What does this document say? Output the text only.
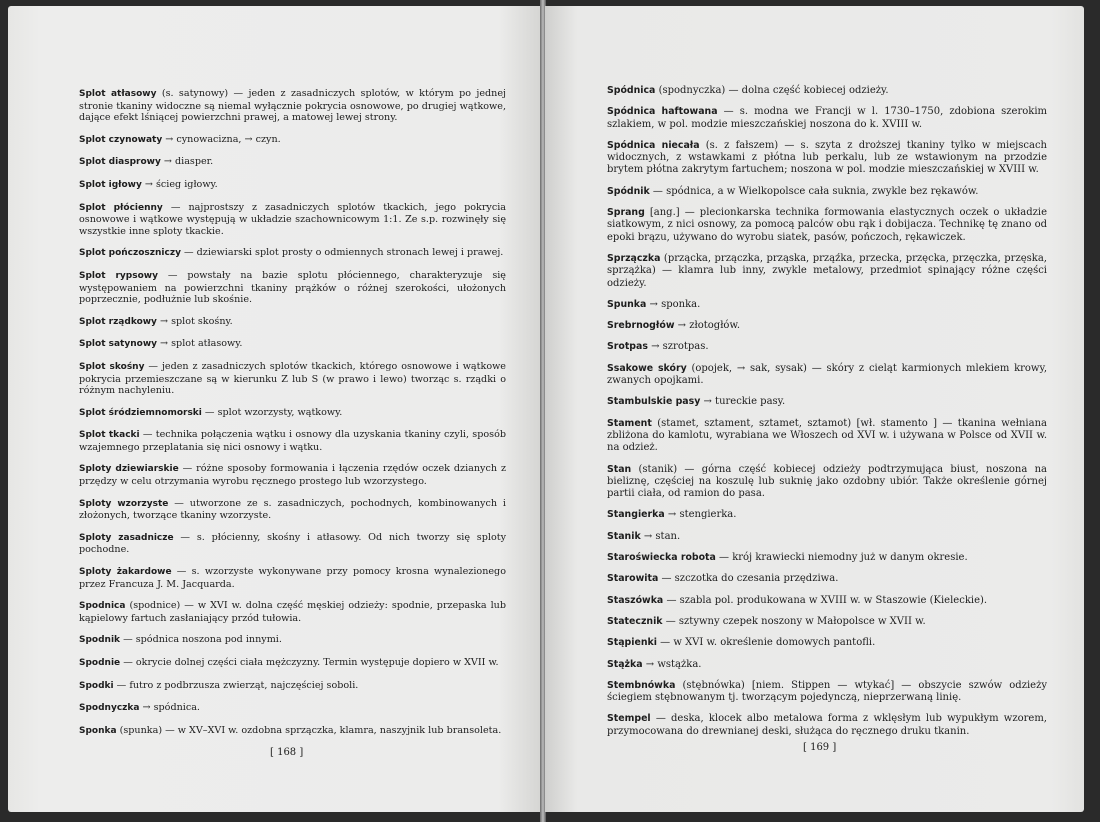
Splot atłasowy (s. satynowy) — jeden z zasadniczych splotów, w którym po jednej stronie tkaniny widoczne są niemal wyłącznie pokrycia osnowowe, po drugiej wątkowe, dające efekt lśniącej powierzchni prawej, a matowej lewej strony.

Splot czynowaty → cynowacizna, → czyn.

Splot diasprowy → diasper.

Splot igłowy → ścieg igłowy.

Splot płócienny — najprostszy z zasadniczych splotów tkackich, jego pokrycia osnowowe i wątkowe występują w układzie szachownicowym 1:1. Ze s.p. rozwinęły się wszystkie inne sploty tkackie.

Splot pończoszniczy — dziewiarski splot prosty o odmiennych stronach lewej i prawej.

Splot rypsowy — powstały na bazie splotu płóciennego, charakteryzuje się występowaniem na powierzchni tkaniny prążków o różnej szerokości, ułożonych poprzecznie, podłużnie lub skośnie.

Splot rządkowy → splot skośny.

Splot satynowy → splot atłasowy.

Splot skośny — jeden z zasadniczych splotów tkackich, którego osnowowe i wątkowe pokrycia przemieszczane są w kierunku Z lub S (w prawo i lewo) tworząc s. rządki o różnym nachyleniu.

Splot śródziemnomorski — splot wzorzysty, wątkowy.

Splot tkacki — technika połączenia wątku i osnowy dla uzyskania tkaniny czyli, sposób wzajemnego przeplatania się nici osnowy i wątku.

Sploty dziewiarskie — różne sposoby formowania i łączenia rzędów oczek dzianych z przędzy w celu otrzymania wyrobu ręcznego prostego lub wzorzystego.

Sploty wzorzyste — utworzone ze s. zasadniczych, pochodnych, kombinowanych i złożonych, tworzące tkaniny wzorzyste.

Sploty zasadnicze — s. płócienny, skośny i atłasowy. Od nich tworzy się sploty pochodne.

Sploty żakardowe — s. wzorzyste wykonywane przy pomocy krosna wynalezionego przez Francuza J. M. Jacquarda.

Spodnica (spodnice) — w XVI w. dolna część męskiej odzieży: spodnie, przepaska lub kąpielowy fartuch zasłaniający przód tułowia.

Spodnik — spódnica noszona pod innymi.

Spodnie — okrycie dolnej części ciała mężczyzny. Termin występuje dopiero w XVII w.

Spodki — futro z podbrzusza zwierząt, najczęściej soboli.

Spodnyczka → spódnica.

Sponka (spunka) — w XV–XVI w. ozdobna sprzączka, klamra, naszyjnik lub bransoleta.

[ 168 ]

Spódnica (spodnyczka) — dolna część kobiecej odzieży.

Spódnica haftowana — s. modna we Francji w l. 1730–1750, zdobiona szerokim szlakiem, w pol. modzie mieszczańskiej noszona do k. XVIII w.

Spódnica niecała (s. z fałszem) — s. szyta z droższej tkaniny tylko w miejscach widocznych, z wstawkami z płótna lub perkalu, lub ze wstawionym na przodzie brytem płótna zakrytym fartuchem; noszona w pol. modzie mieszczańskiej w XVIII w.

Spódnik — spódnica, a w Wielkopolsce cała suknia, zwykle bez rękawów.

Sprang [ang.] — plecionkarska technika formowania elastycznych oczek o układzie siatkowym, z nici osnowy, za pomocą palców obu rąk i dobijacza. Technikę tę znano od epoki brązu, używano do wyrobu siatek, pasów, pończoch, rękawiczek.

Sprzączka (przącka, przączka, prząska, prząźka, przecka, przęcka, przęczka, przęska, sprzążka) — klamra lub inny, zwykle metalowy, przedmiot spinający różne części odzieży.

Spunka → sponka.

Srebrnogłów → złotogłów.

Srotpas → szrotpas.

Ssakowe skóry (opojek, → sak, sysak) — skóry z cieląt karmionych mlekiem krowy, zwanych opojkami.

Stambulskie pasy → tureckie pasy.

Stament (stamet, sztament, sztamet, sztamot) [wł. stamento ] — tkanina wełniana zbliżona do kamlotu, wyrabiana we Włoszech od XVI w. i używana w Polsce od XVII w. na odzież.

Stan (stanik) — górna część kobiecej odzieży podtrzymująca biust, noszona na bieliznę, częściej na koszulę lub suknię jako ozdobny ubiór. Także określenie górnej partii ciała, od ramion do pasa.

Stangierka → stengierka.

Stanik → stan.

Staroświecka robota — krój krawiecki niemodny już w danym okresie.

Starowita — szczotka do czesania przędziwa.

Staszówka — szabla pol. produkowana w XVIII w. w Staszowie (Kieleckie).

Statecznik — sztywny czepek noszony w Małopolsce w XVII w.

Stąpienki — w XVI w. określenie domowych pantofli.

Stążka → wstążka.

Stembnówka (stębnówka) [niem. Stippen — wtykać] — obszycie szwów odzieży ściegiem stębnowanym tj. tworzącym pojedynczą, nieprzerwaną linię.

Stempel — deska, klocek albo metalowa forma z wklęsłym lub wypukłym wzorem, przymocowana do drewnianej deski, służąca do ręcznego druku tkanin.

[ 169 ]
